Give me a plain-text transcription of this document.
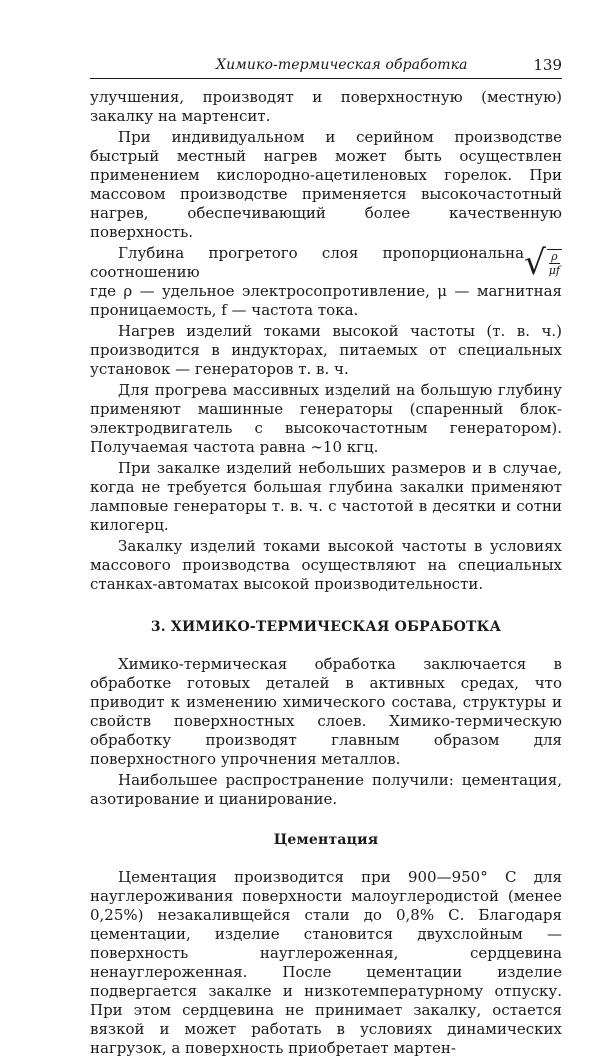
Химико-термическая обработка	139

улучшения, производят и поверхностную (местную) закалку на мартенсит.

При индивидуальном и серийном производстве быстрый местный нагрев может быть осуществлен применением кислородно-ацетиленовых горелок. При массовом производстве применяется высокочастотный нагрев, обеспечивающий более качественную поверхность.

Глубина прогретого слоя пропорциональна соотношению	√ $\frac{\rho}{\mu f}$

где ρ — удельное электросопротивление, μ — магнитная проницаемость, f — частота тока.

Нагрев изделий токами высокой частоты (т. в. ч.) производится в индукторах, питаемых от специальных установок — генераторов т. в. ч.

Для прогрева массивных изделий на большую глубину применяют машинные генераторы (спаренный блок-электродвигатель с высокочастотным генератором). Получаемая частота равна ∼10 кгц.

При закалке изделий небольших размеров и в случае, когда не требуется большая глубина закалки применяют ламповые генераторы т. в. ч. с частотой в десятки и сотни килогерц.

Закалку изделий токами высокой частоты в условиях массового производства осуществляют на специальных станках-автоматах высокой производительности.

3. ХИМИКО-ТЕРМИЧЕСКАЯ ОБРАБОТКА

Химико-термическая обработка заключается в обработке готовых деталей в активных средах, что приводит к изменению химического состава, структуры и свойств поверхностных слоев. Химико-термическую обработку производят главным образом для поверхностного упрочнения металлов.

Наибольшее распространение получили: цементация, азотирование и цианирование.

Цементация

Цементация производится при 900—950° С для науглероживания поверхности малоуглеродистой (менее 0,25%) незакаливщейся стали до 0,8% С. Благодаря цементации, изделие становится двухслойным — поверхность науглероженная, сердцевина ненауглероженная. После цементации изделие подвергается закалке и низкотемпературному отпуску. При этом сердцевина не принимает закалку, остается вязкой и может работать в условиях динамических нагрузок, а поверхность приобретает мартен-
